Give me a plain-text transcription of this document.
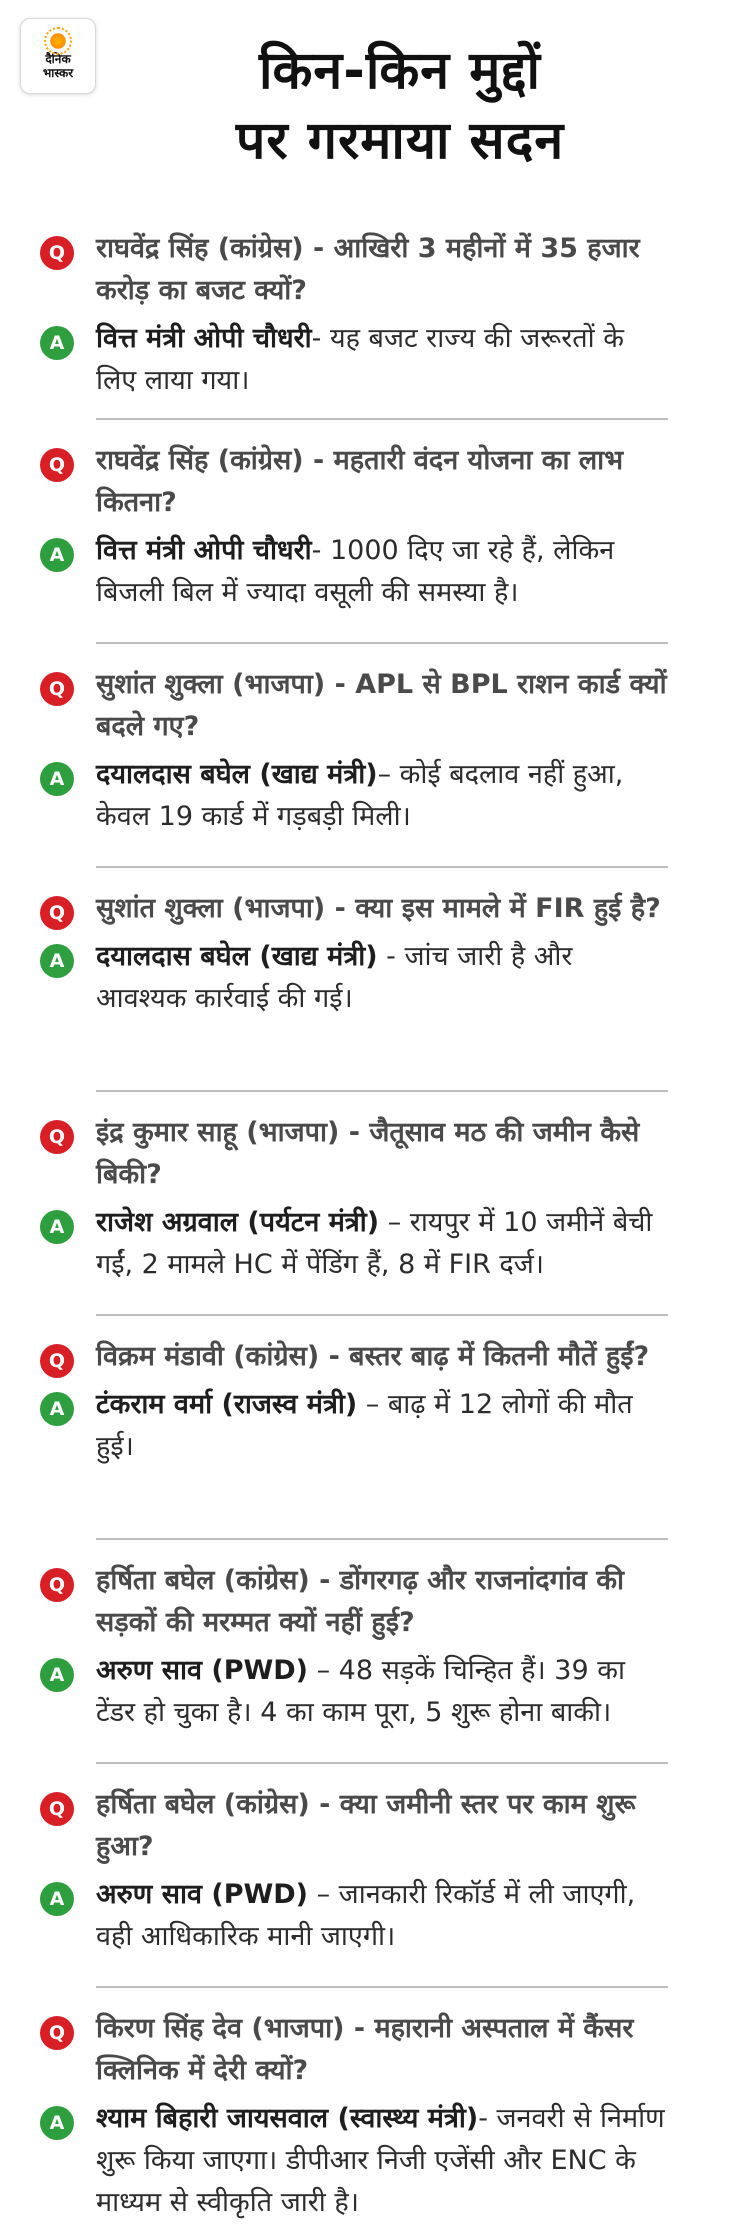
दैनिक
भास्कर	किन-किन मुद्दों
पर गरमाया सदन
Q	राघवेंद्र सिंह (कांग्रेस) - आखिरी 3 महीनों में 35 हजार करोड़ का बजट क्यों?
A	वित्त मंत्री ओपी चौधरी- यह बजट राज्य की जरूरतों के लिए लाया गया।
Q	राघवेंद्र सिंह (कांग्रेस) - महतारी वंदन योजना का लाभ कितना?
A	वित्त मंत्री ओपी चौधरी- 1000 दिए जा रहे हैं, लेकिन बिजली बिल में ज्यादा वसूली की समस्या है।
Q	सुशांत शुक्ला (भाजपा) - APL से BPL राशन कार्ड क्यों बदले गए?
A	दयालदास बघेल (खाद्य मंत्री)– कोई बदलाव नहीं हुआ, केवल 19 कार्ड में गड़बड़ी मिली।
Q	सुशांत शुक्ला (भाजपा) - क्या इस मामले में FIR हुई है?
A	दयालदास बघेल (खाद्य मंत्री) - जांच जारी है और आवश्यक कार्रवाई की गई।
Q	इंद्र कुमार साहू (भाजपा) - जैतूसाव मठ की जमीन कैसे बिकी?
A	राजेश अग्रवाल (पर्यटन मंत्री) – रायपुर में 10 जमीनें बेची गईं, 2 मामले HC में पेंडिंग हैं, 8 में FIR दर्ज।
Q	विक्रम मंडावी (कांग्रेस) - बस्तर बाढ़ में कितनी मौतें हुईं?
A	टंकराम वर्मा (राजस्व मंत्री) – बाढ़ में 12 लोगों की मौत हुई।
Q	हर्षिता बघेल (कांग्रेस) - डोंगरगढ़ और राजनांदगांव की सड़कों की मरम्मत क्यों नहीं हुई?
A	अरुण साव (PWD) – 48 सड़कें चिन्हित हैं। 39 का टेंडर हो चुका है। 4 का काम पूरा, 5 शुरू होना बाकी।
Q	हर्षिता बघेल (कांग्रेस) - क्या जमीनी स्तर पर काम शुरू हुआ?
A	अरुण साव (PWD) – जानकारी रिकॉर्ड में ली जाएगी, वही आधिकारिक मानी जाएगी।
Q	किरण सिंह देव (भाजपा) - महारानी अस्पताल में कैंसर क्लिनिक में देरी क्यों?
A	श्याम बिहारी जायसवाल (स्वास्थ्य मंत्री)- जनवरी से निर्माण शुरू किया जाएगा। डीपीआर निजी एजेंसी और ENC के माध्यम से स्वीकृति जारी है।
